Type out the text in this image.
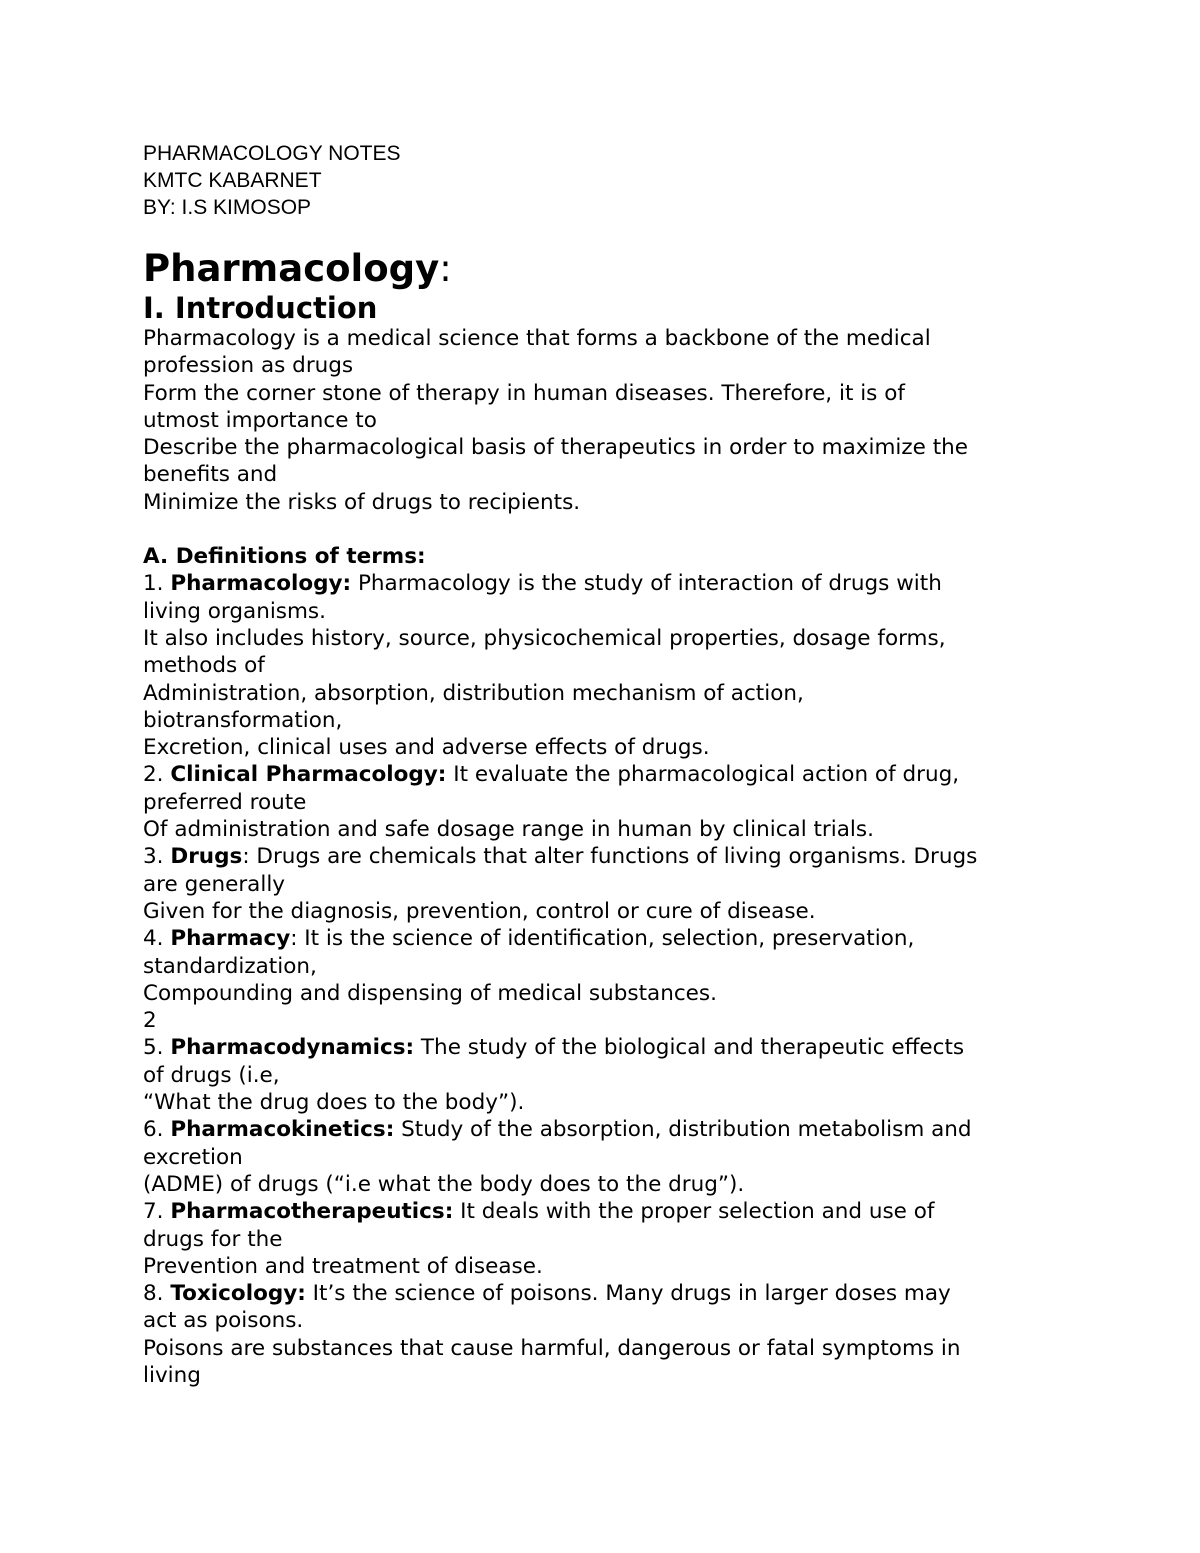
PHARMACOLOGY NOTES

KMTC KABARNET

BY: I.S KIMOSOP

Pharmacology:

I. Introduction

Pharmacology is a medical science that forms a backbone of the medical

profession as drugs

Form the corner stone of therapy in human diseases. Therefore, it is of

utmost importance to

Describe the pharmacological basis of therapeutics in order to maximize the

benefits and

Minimize the risks of drugs to recipients.

A. Definitions of terms:

1. Pharmacology: Pharmacology is the study of interaction of drugs with

living organisms.

It also includes history, source, physicochemical properties, dosage forms,

methods of

Administration, absorption, distribution mechanism of action,

biotransformation,

Excretion, clinical uses and adverse effects of drugs.

2. Clinical Pharmacology: It evaluate the pharmacological action of drug,

preferred route

Of administration and safe dosage range in human by clinical trials.

3. Drugs: Drugs are chemicals that alter functions of living organisms. Drugs

are generally

Given for the diagnosis, prevention, control or cure of disease.

4. Pharmacy: It is the science of identification, selection, preservation,

standardization,

Compounding and dispensing of medical substances.

2

5. Pharmacodynamics: The study of the biological and therapeutic effects

of drugs (i.e,

“What the drug does to the body”).

6. Pharmacokinetics: Study of the absorption, distribution metabolism and

excretion

(ADME) of drugs (“i.e what the body does to the drug”).

7. Pharmacotherapeutics: It deals with the proper selection and use of

drugs for the

Prevention and treatment of disease.

8. Toxicology: It’s the science of poisons. Many drugs in larger doses may

act as poisons.

Poisons are substances that cause harmful, dangerous or fatal symptoms in

living
